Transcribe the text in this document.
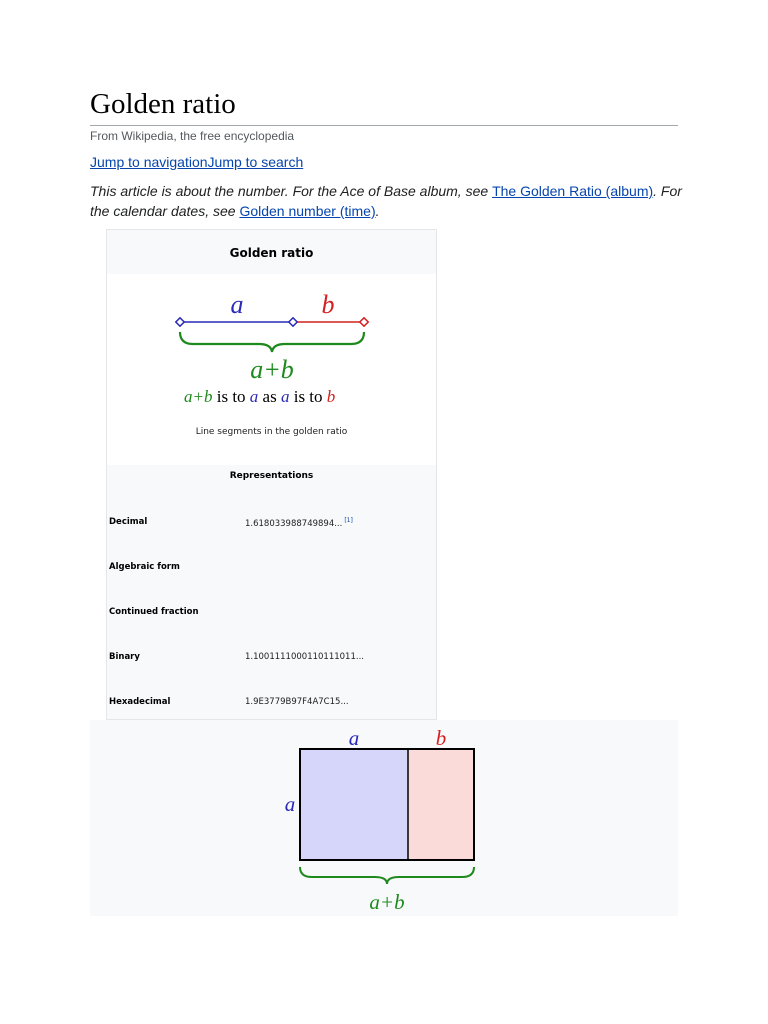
Golden ratio
From Wikipedia, the free encyclopedia
Jump to navigationJump to search
This article is about the number. For the Ace of Base album, see The Golden Ratio (album). For the calendar dates, see Golden number (time).
Golden ratio
a	b
a+b
a+b is to a as a is to b
Line segments in the golden ratio
Representations
Decimal	1.618033988749894... [1]
Algebraic form
Continued fraction
Binary	1.1001111000110111011...
Hexadecimal	1.9E3779B97F4A7C15...
a	b
a
a+b
